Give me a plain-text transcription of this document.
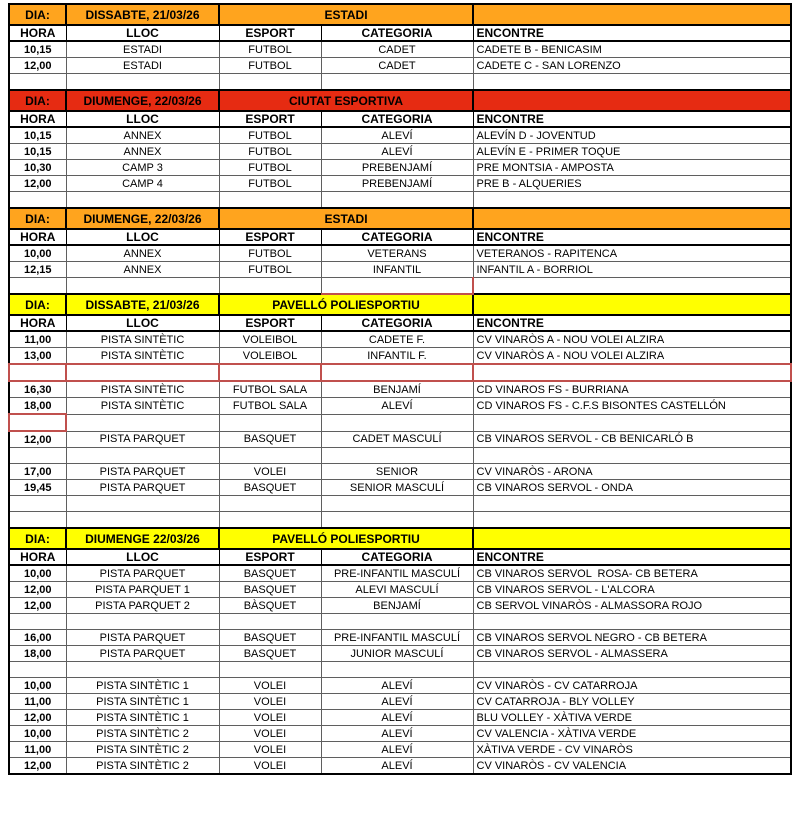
DIA:	DISSABTE, 21/03/26	ESTADI		
HORA	LLOC	ESPORT	CATEGORIA	ENCONTRE
10,15	ESTADI	FUTBOL	CADET	CADETE B - BENICASIM
12,00	ESTADI	FUTBOL	CADET	CADETE C - SAN LORENZO

DIA:	DIUMENGE, 22/03/26	CIUTAT ESPORTIVA		
HORA	LLOC	ESPORT	CATEGORIA	ENCONTRE
10,15	ANNEX	FUTBOL	ALEVÍ	ALEVÍN D - JOVENTUD
10,15	ANNEX	FUTBOL	ALEVÍ	ALEVÍN E - PRIMER TOQUE
10,30	CAMP 3	FUTBOL	PREBENJAMÍ	PRE MONTSIA - AMPOSTA
12,00	CAMP 4	FUTBOL	PREBENJAMÍ	PRE B - ALQUERIES

DIA:	DIUMENGE, 22/03/26	ESTADI		
HORA	LLOC	ESPORT	CATEGORIA	ENCONTRE
10,00	ANNEX	FUTBOL	VETERANS	VETERANOS - RAPITENCA
12,15	ANNEX	FUTBOL	INFANTIL	INFANTIL A - BORRIOL

DIA:	DISSABTE, 21/03/26	PAVELLÓ POLIESPORTIU		
HORA	LLOC	ESPORT	CATEGORIA	ENCONTRE
11,00	PISTA SINTÈTIC	VOLEIBOL	CADETE F.	CV VINARÒS A - NOU VOLEI ALZIRA
13,00	PISTA SINTÈTIC	VOLEIBOL	INFANTIL F.	CV VINARÒS A - NOU VOLEI ALZIRA

16,30	PISTA SINTÈTIC	FUTBOL SALA	BENJAMÍ	CD VINAROS FS - BURRIANA
18,00	PISTA SINTÈTIC	FUTBOL SALA	ALEVÍ	CD VINAROS FS - C.F.S BISONTES CASTELLÓN

12,00	PISTA PARQUET	BASQUET	CADET MASCULÍ	CB VINAROS SERVOL - CB BENICARLÓ B

17,00	PISTA PARQUET	VOLEI	SENIOR	CV VINARÒS - ARONA
19,45	PISTA PARQUET	BASQUET	SENIOR MASCULÍ	CB VINAROS SERVOL - ONDA

DIA:	DIUMENGE 22/03/26	PAVELLÓ POLIESPORTIU		
HORA	LLOC	ESPORT	CATEGORIA	ENCONTRE
10,00	PISTA PARQUET	BASQUET	PRE-INFANTIL MASCULÍ	CB VINAROS SERVOL  ROSA- CB BETERA
12,00	PISTA PARQUET 1	BASQUET	ALEVI MASCULÍ	CB VINAROS SERVOL - L'ALCORA
12,00	PISTA PARQUET 2	BÀSQUET	BENJAMÍ	CB SERVOL VINARÒS - ALMASSORA ROJO

16,00	PISTA PARQUET	BASQUET	PRE-INFANTIL MASCULÍ	CB VINAROS SERVOL NEGRO - CB BETERA
18,00	PISTA PARQUET	BASQUET	JUNIOR MASCULÍ	CB VINAROS SERVOL - ALMASSERA

10,00	PISTA SINTÈTIC 1	VOLEI	ALEVÍ	CV VINARÒS - CV CATARROJA
11,00	PISTA SINTÈTIC 1	VOLEI	ALEVÍ	CV CATARROJA - BLY VOLLEY
12,00	PISTA SINTÈTIC 1	VOLEI	ALEVÍ	BLU VOLLEY - XÀTIVA VERDE
10,00	PISTA SINTÈTIC 2	VOLEI	ALEVÍ	CV VALENCIA - XÀTIVA VERDE
11,00	PISTA SINTÈTIC 2	VOLEI	ALEVÍ	XÀTIVA VERDE - CV VINARÒS
12,00	PISTA SINTÈTIC 2	VOLEI	ALEVÍ	CV VINARÒS - CV VALENCIA
